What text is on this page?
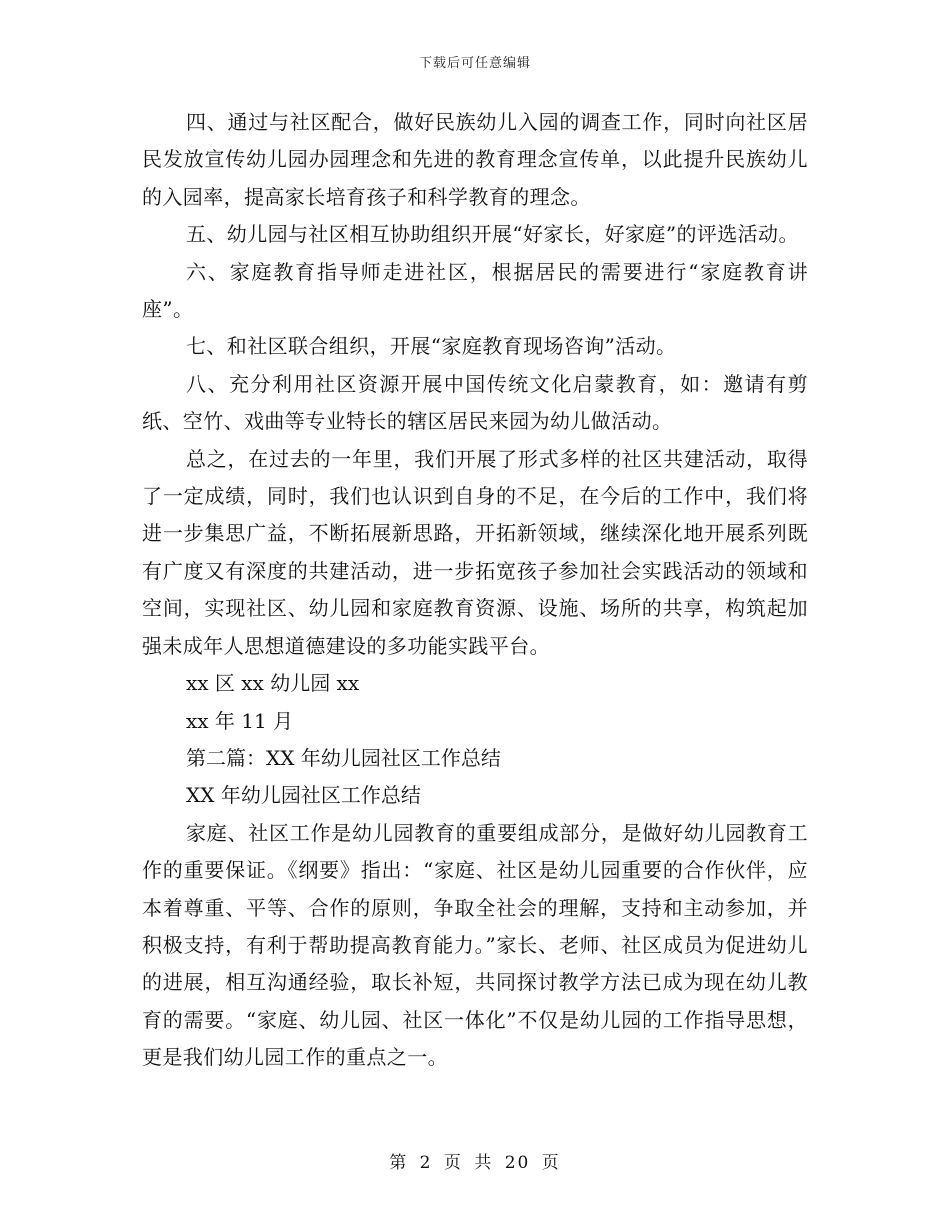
下载后可任意编辑

四、通过与社区配合，做好民族幼儿入园的调查工作，同时向社区居民发放宣传幼儿园办园理念和先进的教育理念宣传单，以此提升民族幼儿的入园率，提高家长培育孩子和科学教育的理念。

五、幼儿园与社区相互协助组织开展“好家长，好家庭”的评选活动。

六、家庭教育指导师走进社区，根据居民的需要进行“家庭教育讲座”。

七、和社区联合组织，开展“家庭教育现场咨询”活动。

八、充分利用社区资源开展中国传统文化启蒙教育，如：邀请有剪纸、空竹、戏曲等专业特长的辖区居民来园为幼儿做活动。

总之，在过去的一年里，我们开展了形式多样的社区共建活动，取得了一定成绩，同时，我们也认识到自身的不足，在今后的工作中，我们将进一步集思广益，不断拓展新思路，开拓新领域，继续深化地开展系列既有广度又有深度的共建活动，进一步拓宽孩子参加社会实践活动的领域和空间，实现社区、幼儿园和家庭教育资源、设施、场所的共享，构筑起加强未成年人思想道德建设的多功能实践平台。

xx 区 xx 幼儿园 xx

xx 年 11 月

第二篇：XX 年幼儿园社区工作总结

XX 年幼儿园社区工作总结

家庭、社区工作是幼儿园教育的重要组成部分，是做好幼儿园教育工作的重要保证。《纲要》指出：“家庭、社区是幼儿园重要的合作伙伴，应本着尊重、平等、合作的原则，争取全社会的理解，支持和主动参加，并积极支持，有利于帮助提高教育能力。”家长、老师、社区成员为促进幼儿的进展，相互沟通经验，取长补短，共同探讨教学方法已成为现在幼儿教育的需要。“家庭、幼儿园、社区一体化”不仅是幼儿园的工作指导思想，更是我们幼儿园工作的重点之一。

第 2 页 共 20 页
